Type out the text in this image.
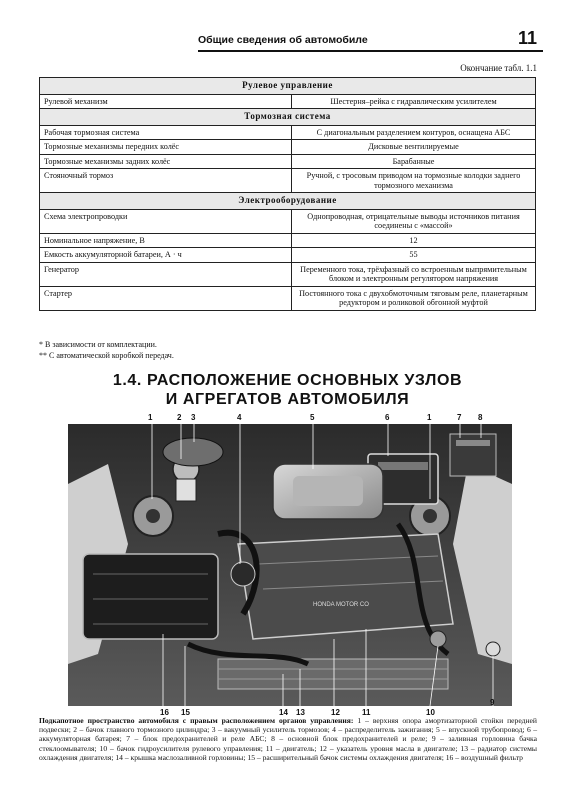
Общие сведения об автомобиле	11
Окончание табл. 1.1
Рулевое управление	
Рулевой механизм	Шестерня–рейка с гидравлическим усилителем
Тормозная система	
Рабочая тормозная система	С диагональным разделением контуров, оснащена АБС
Тормозные механизмы передних колёс	Дисковые вентилируемые
Тормозные механизмы задних колёс	Барабанные
Стояночный тормоз	Ручной, с тросовым приводом на тормозные колодки заднего тормозного механизма
Электрооборудование	
Схема электропроводки	Однопроводная, отрицательные выводы источников питания соединены с «массой»
Номинальное напряжение, В	12
Емкость аккумуляторной батареи, А · ч	55
Генератор	Переменного тока, трёхфазный со встроенным выпрямительным блоком и электронным регулятором напряжения
Стартер	Постоянного тока с двухобмоточным тяговым реле, планетарным редуктором и роликовой обгонной муфтой
* В зависимости от комплектации.
** С автоматической коробкой передач.
1.4. РАСПОЛОЖЕНИЕ ОСНОВНЫХ УЗЛОВ
И АГРЕГАТОВ АВТОМОБИЛЯ
1	2 3	4	5	6	1	7 8
HONDA MOTOR CO
16 15	14 13	12	11	10
9
Подкапотное пространство автомобиля с правым расположением органов управления: 1 – верхняя опора амортизаторной стойки передней подвески; 2 – бачок главного тормозного цилиндра; 3 – вакуумный усилитель тормозов; 4 – распределитель зажигания; 5 – впускной трубопровод; 6 – аккумуляторная батарея; 7 – блок предохранителей и реле АБС; 8 – основной блок предохранителей и реле; 9 – заливная горловина бачка стеклоомывателя; 10 – бачок гидроусилителя рулевого управления; 11 – двигатель; 12 – указатель уровня масла в двигателе; 13 – радиатор системы охлаждения двигателя; 14 – крышка маслозаливной горловины; 15 – расширительный бачок системы охлаждения двигателя; 16 – воздушный фильтр
